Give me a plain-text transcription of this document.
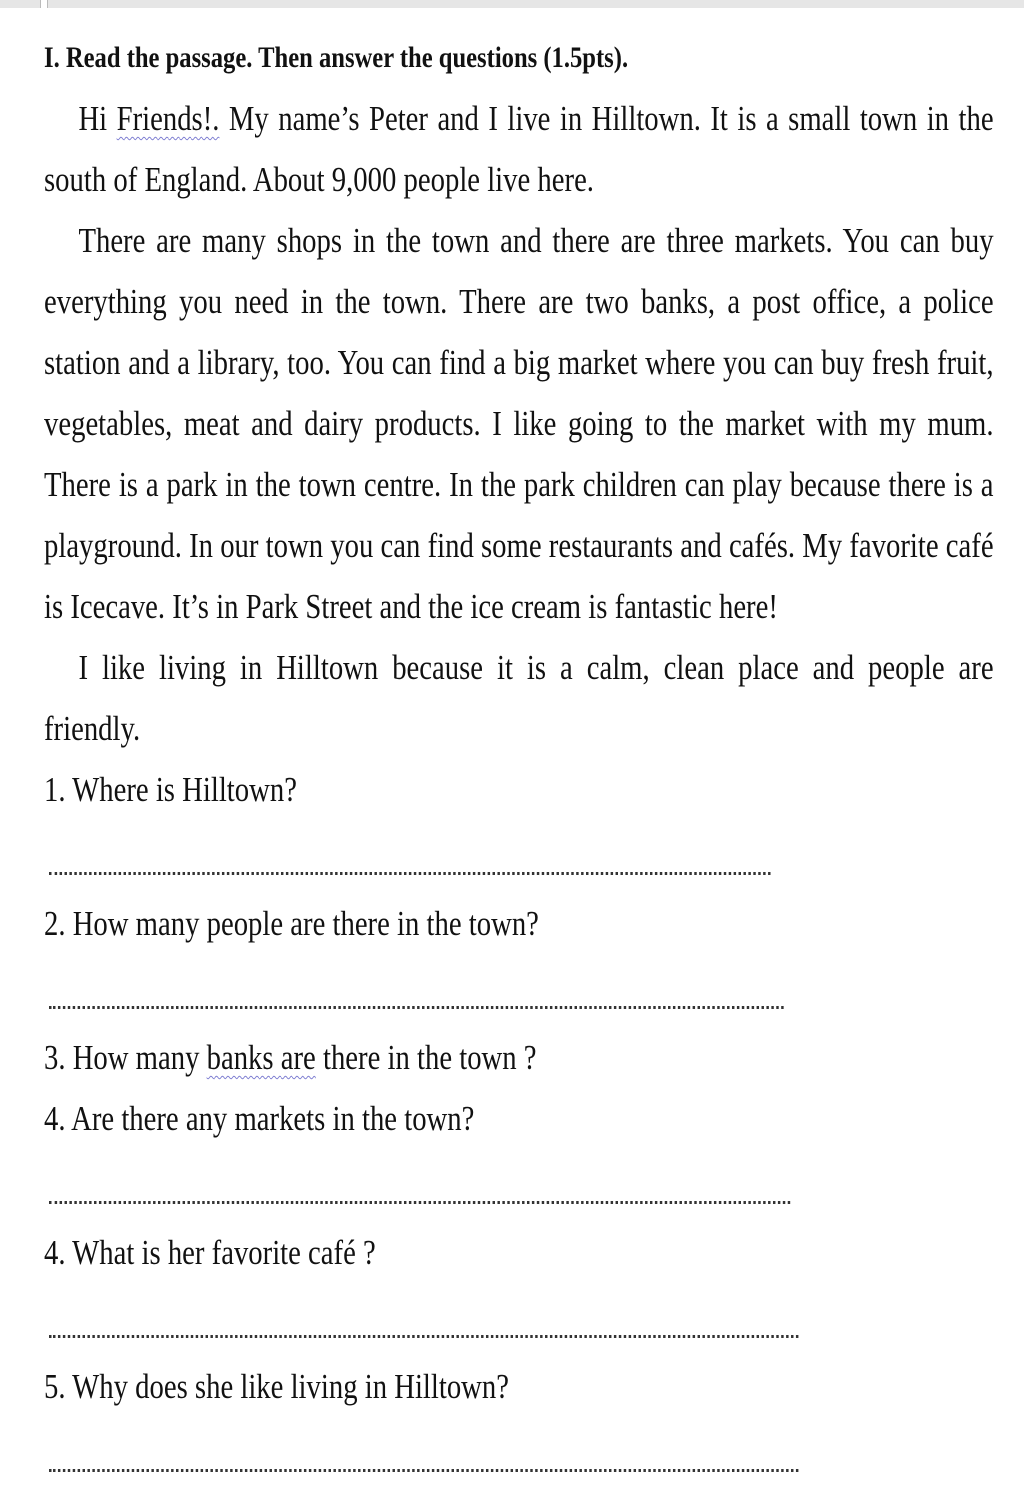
I. Read the passage. Then answer the questions (1.5pts).

Hi Friends!. My name’s Peter and I live in Hilltown. It is a small town in the south of England. About 9,000 people live here.

There are many shops in the town and there are three markets. You can buy everything you need in the town. There are two banks, a post office, a police station and a library, too. You can find a big market where you can buy fresh fruit, vegetables, meat and dairy products. I like going to the market with my mum. There is a park in the town centre. In the park children can play because there is a playground. In our town you can find some restaurants and cafés. My favorite café is Icecave. It’s in Park Street and the ice cream is fantastic here!

I like living in Hilltown because it is a calm, clean place and people are friendly.

1. Where is Hilltown?

2. How many people are there in the town?

3. How many banks are there in the town ?

4. Are there any markets in the town?

4. What is her favorite café ?

5. Why does she like living in Hilltown?
